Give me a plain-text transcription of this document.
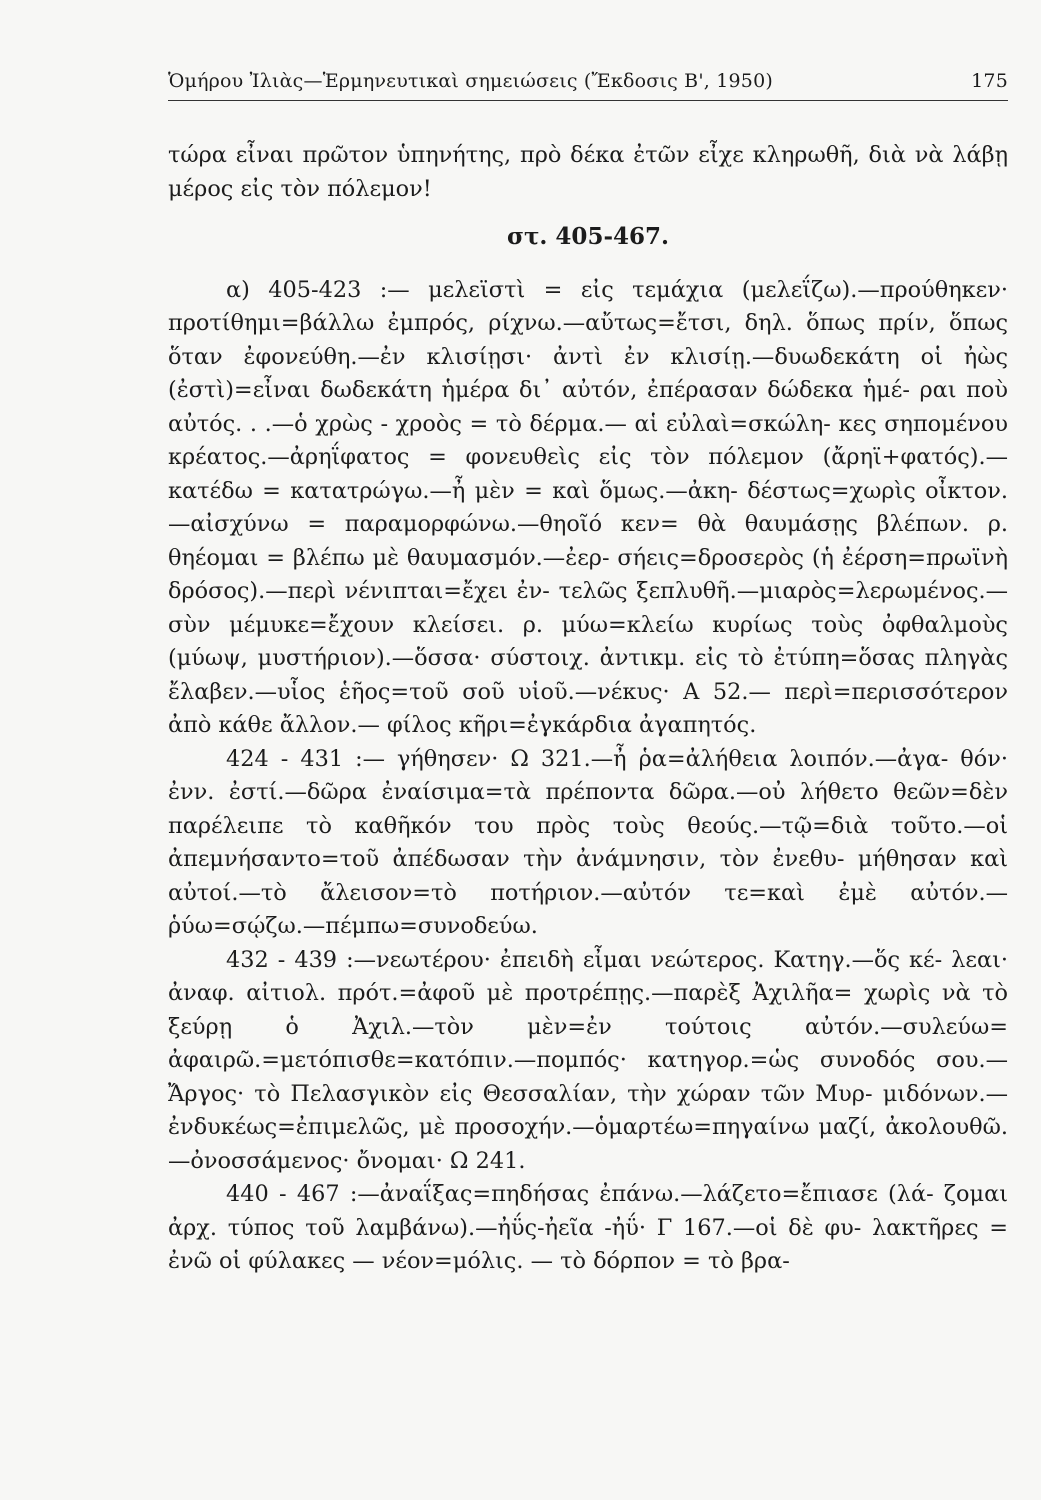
Ὁμήρου Ἰλιὰς—Ἑρμηνευτικαὶ σημειώσεις (Ἔκδοσις Β', 1950)	175

τώρα εἶναι πρῶτον ὑπηνήτης, πρὸ δέκα ἐτῶν εἶχε κληρωθῆ, διὰ νὰ λάβῃ μέρος εἰς τὸν πόλεμον!

στ. 405-467.

α) 405-423 :— μελεϊστὶ = εἰς τεμάχια (μελεΐζω).—προύθηκεν· προτίθημι=βάλλω ἐμπρός, ρίχνω.—αὔτως=ἔτσι, δηλ. ὅπως πρίν, ὅπως ὅταν ἐφονεύθη.—ἐν κλισίῃσι· ἀντὶ ἐν κλισίῃ.—δυωδεκάτη οἱ ἠὼς (ἐστὶ)=εἶναι δωδεκάτη ἡμέρα δι᾽ αὐτόν, ἐπέρασαν δώδεκα ἡμέ- ραι ποὺ αὐτός. . .—ὁ χρὼς - χροὸς = τὸ δέρμα.— αἱ εὐλαὶ=σκώλη- κες σηπομένου κρέατος.—ἀρηΐφατος = φονευθεὶς εἰς τὸν πόλεμον (ἄρηϊ+φατός).—κατέδω = κατατρώγω.—ἦ μὲν = καὶ ὅμως.—ἀκη- δέστως=χωρὶς οἶκτον.—αἰσχύνω = παραμορφώνω.—θηοῖό κεν= θὰ θαυμάσῃς βλέπων. ρ. θηέομαι = βλέπω μὲ θαυμασμόν.—ἐερ- σήεις=δροσερὸς (ἡ ἐέρση=πρωϊνὴ δρόσος).—περὶ νένιπται=ἔχει ἐν- τελῶς ξεπλυθῆ.—μιαρὸς=λερωμένος.—σὺν μέμυκε=ἔχουν κλείσει. ρ. μύω=κλείω κυρίως τοὺς ὀφθαλμοὺς (μύωψ, μυστήριον).—ὅσσα· σύστοιχ. ἀντικμ. εἰς τὸ ἐτύπη=ὅσας πληγὰς ἔλαβεν.—υἷος ἑῆος=τοῦ σοῦ υἱοῦ.—νέκυς· Α 52.— περὶ=περισσότερον ἀπὸ κάθε ἄλλον.— φίλος κῆρι=ἐγκάρδια ἀγαπητός.

424 - 431 :— γήθησεν· Ω 321.—ἦ ῥα=ἀλήθεια λοιπόν.—ἀγα- θόν· ἐνν. ἐστί.—δῶρα ἐναίσιμα=τὰ πρέποντα δῶρα.—οὐ λήθετο θεῶν=δὲν παρέλειπε τὸ καθῆκόν του πρὸς τοὺς θεούς.—τῷ=διὰ τοῦτο.—οἱ ἀπεμνήσαντο=τοῦ ἀπέδωσαν τὴν ἀνάμνησιν, τὸν ἐνεθυ- μήθησαν καὶ αὐτοί.—τὸ ἄλεισον=τὸ ποτήριον.—αὐτόν τε=καὶ ἐμὲ αὐτόν.—ῥύω=σῴζω.—πέμπω=συνοδεύω.

432 - 439 :—νεωτέρου· ἐπειδὴ εἶμαι νεώτερος. Κατηγ.—ὅς κέ- λεαι· ἀναφ. αἰτιολ. πρότ.=ἀφοῦ μὲ προτρέπῃς.—παρὲξ Ἀχιλῆα= χωρὶς νὰ τὸ ξεύρῃ ὁ Ἀχιλ.—τὸν μὲν=ἐν τούτοις αὐτόν.—συλεύω= ἀφαιρῶ.=μετόπισθε=κατόπιν.—πομπός· κατηγορ.=ὡς συνοδός σου.—Ἄργος· τὸ Πελασγικὸν εἰς Θεσσαλίαν, τὴν χώραν τῶν Μυρ- μιδόνων.—ἐνδυκέως=ἐπιμελῶς, μὲ προσοχήν.—ὁμαρτέω=πηγαίνω μαζί, ἀκολουθῶ.—ὀνοσσάμενος· ὄνομαι· Ω 241.

440 - 467 :—ἀναΐξας=πηδήσας ἐπάνω.—λάζετο=ἔπιασε (λά- ζομαι ἀρχ. τύπος τοῦ λαμβάνω).—ἠΰς-ἠεῖα -ἠΰ· Γ 167.—οἱ δὲ φυ- λακτῆρες = ἐνῶ οἱ φύλακες — νέον=μόλις. — τὸ δόρπον = τὸ βρα-
